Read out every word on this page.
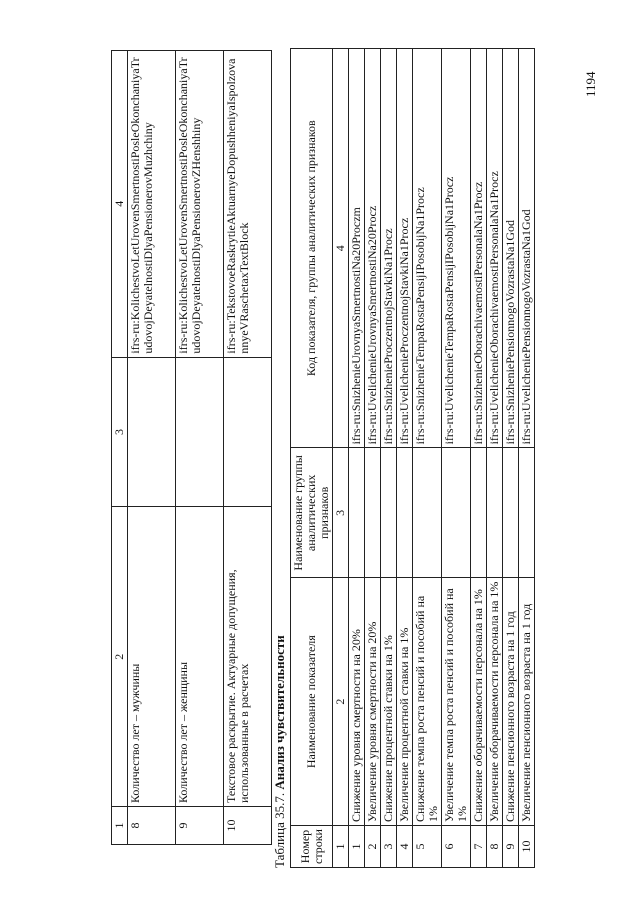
1194
1	2	3	4
8	Количество лет – мужчины		ifrs-ru:KolichestvoLetUrovenSmertnostiPosleOkonchaniyaTrudovojDeyatelnostiDlyaPensionerovMuzhchiny
9	Количество лет – женщины		ifrs-ru:KolichestvoLetUrovenSmertnostiPosleOkonchaniyaTrudovojDeyatelnostiDlyaPensionerovZHenshhiny
10	Текстовое раскрытие. Актуарные допущения, использованные в расчетах		ifrs-ru:TekstovoeRaskrytieAktuarnyeDopushheniyaIspolzovannyeVRaschetaxTextBlock
Таблица 35.7. Анализ чувствительности
Номер строки	Наименование показателя	Наименование группы аналитических признаков	Код показателя, группы аналитических признаков
1	2	3	4
1	Снижение уровня смертности на 20%		ifrs-ru:SnizhenieUrovnyaSmertnostiNa20Proczm
2	Увеличение уровня смертности на 20%		ifrs-ru:UvelichenieUrovnyaSmertnostiNa20Procz
3	Снижение процентной ставки на 1%		ifrs-ru:SnizhenieProczentnojStavkiNa1Procz
4	Увеличение процентной ставки на 1%		ifrs-ru:UvelichenieProczentnojStavkiNa1Procz
5	Снижение темпа роста пенсий и пособий на 1%		ifrs-ru:SnizhenieTempaRostaPensijIPosobijNa1Procz
6	Увеличение темпа роста пенсий и пособий на 1%		ifrs-ru:UvelichenieTempaRostaPensijIPosobijNa1Procz
7	Снижение оборачиваемости персонала на 1%		ifrs-ru:SnizhenieOborachivaemostiPersonalaNa1Procz
8	Увеличение оборачиваемости персонала на 1%		ifrs-ru:UvelichenieOborachivaemostiPersonalaNa1Procz
9	Снижение пенсионного возраста на 1 год		ifrs-ru:SnizheniePensionnogoVozrastaNa1God
10	Увеличение пенсионного возраста на 1 год		ifrs-ru:UvelicheniePensionnogoVozrastaNa1God
